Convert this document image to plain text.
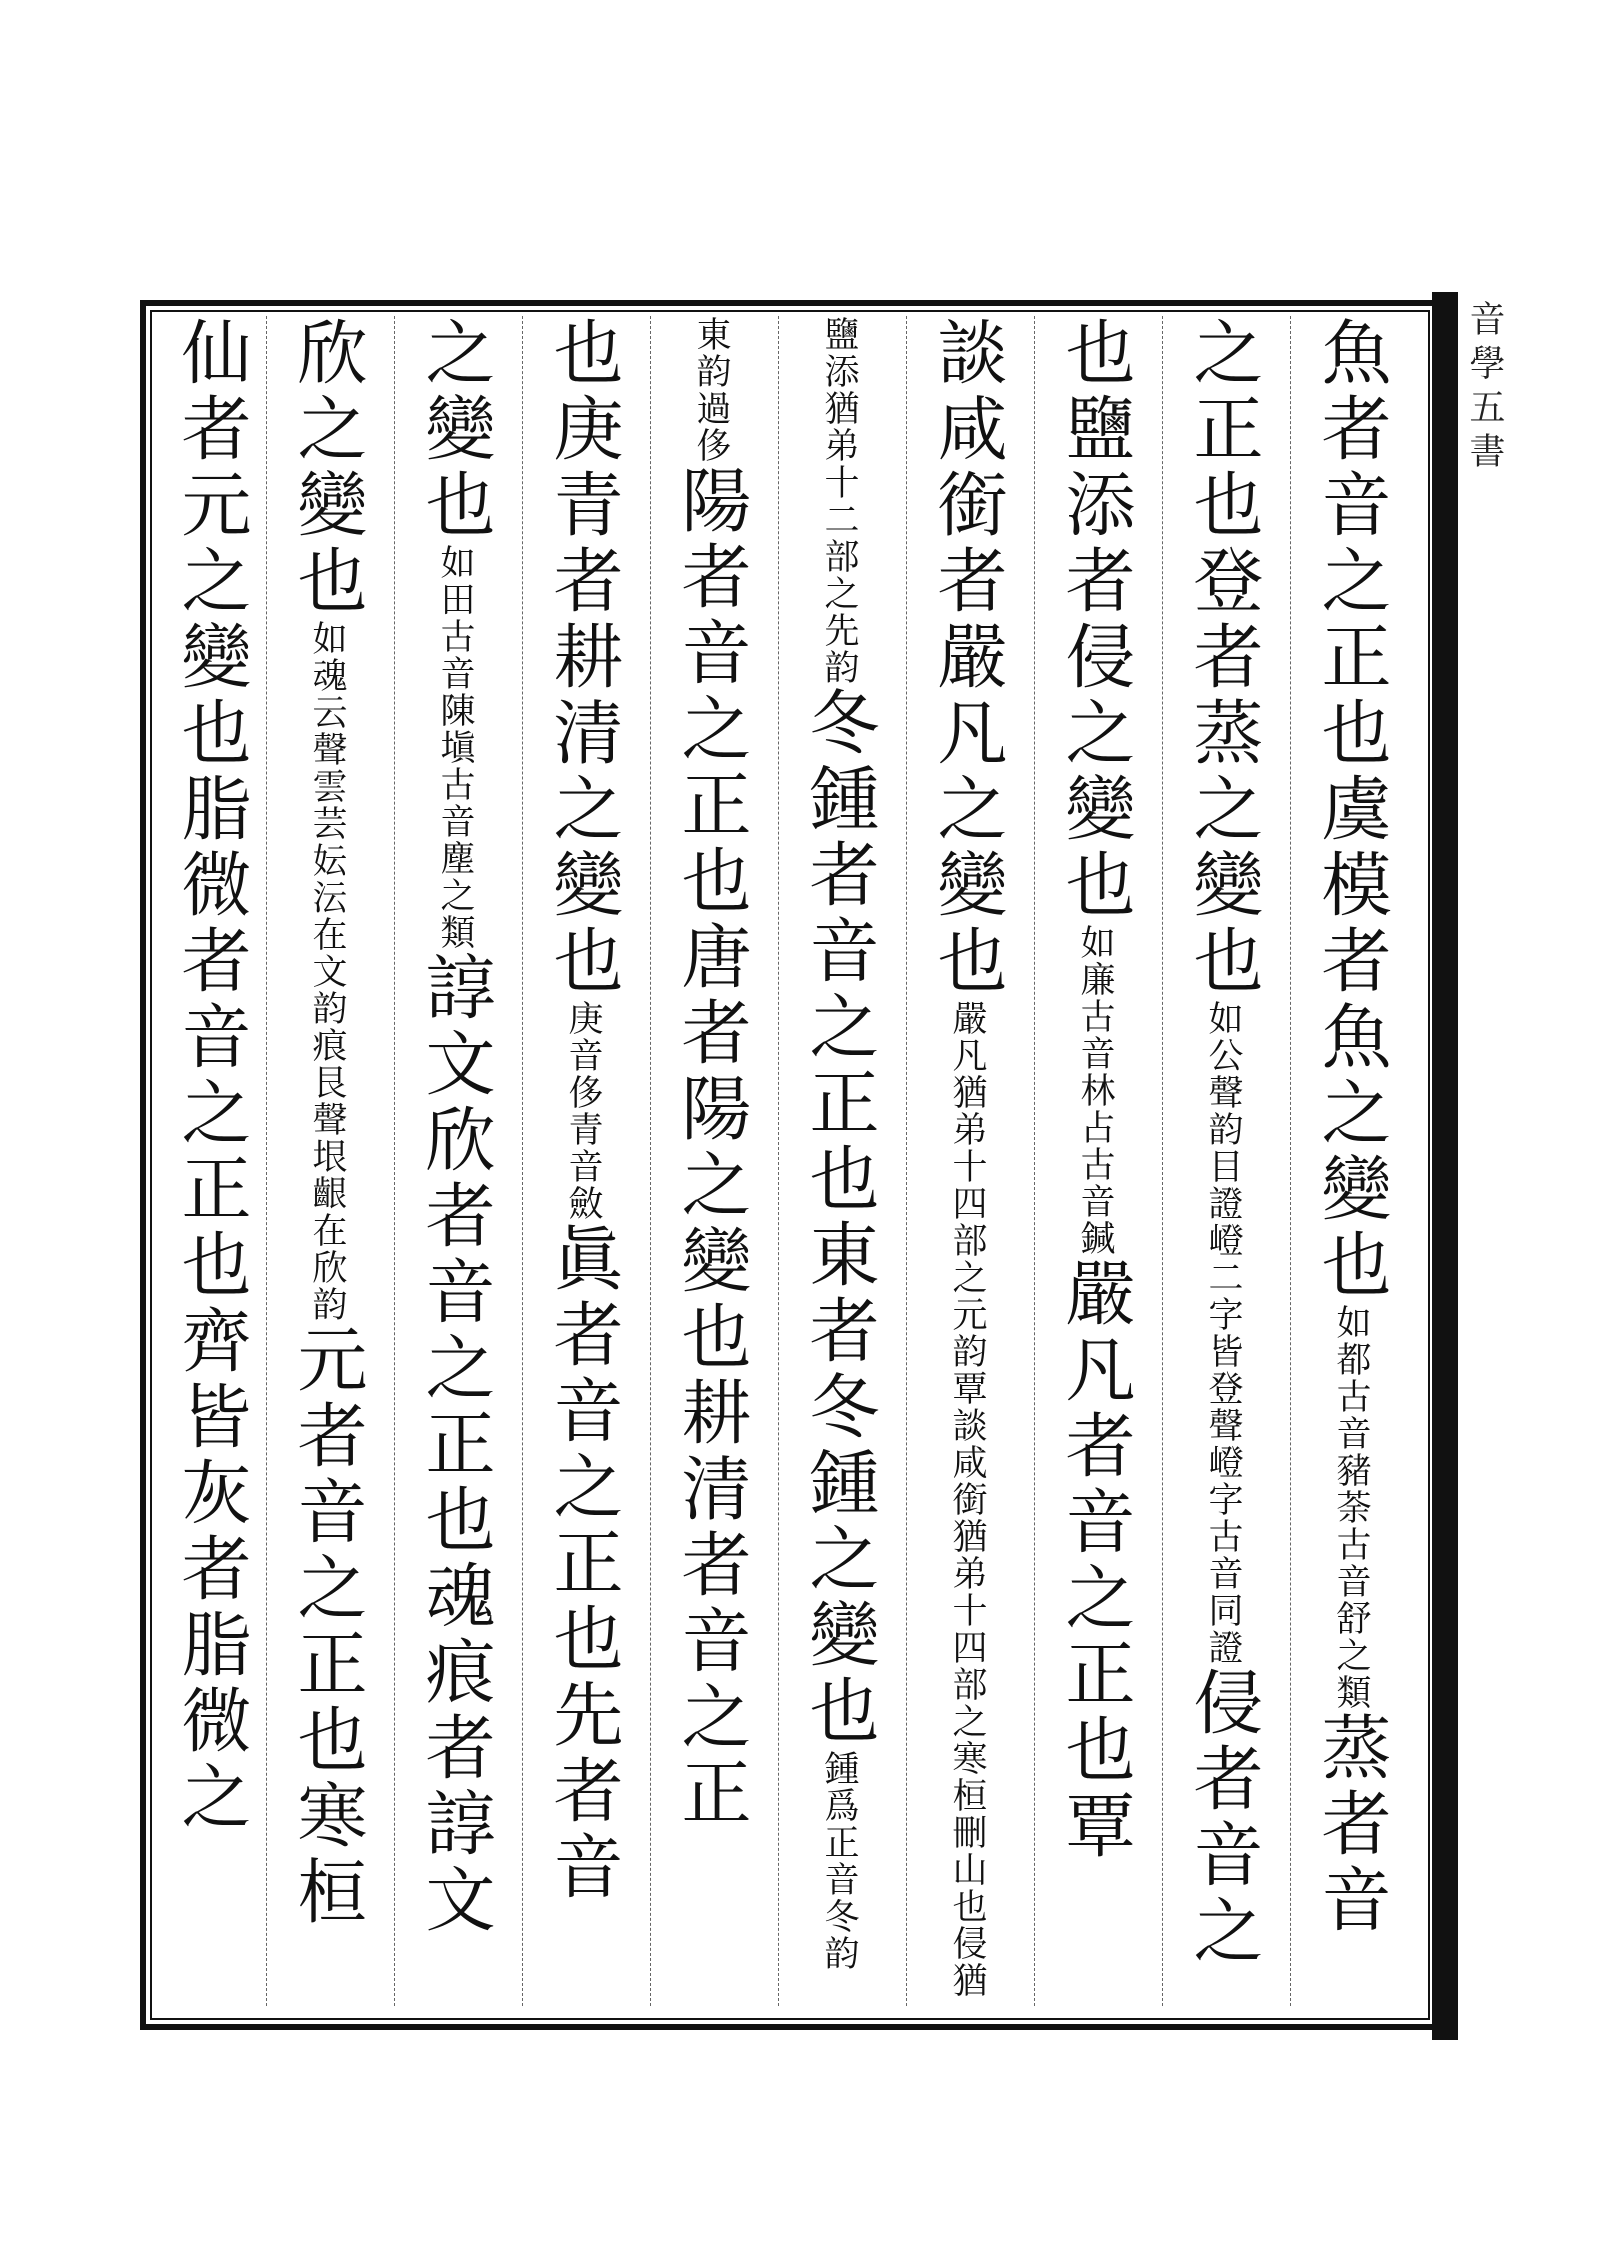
音學五書
魚者音之正也虞模者魚之變也如都古音豬荼古音舒之類蒸者音
之正也登者蒸之變也如公聲韵目證嶝二字皆登聲嶝字古音同證侵者音之
也鹽添者侵之變也如廉古音林占古音鍼嚴凡者音之正也覃
談咸銜者嚴凡之變也嚴凡猶弟十四部之元韵覃談咸銜猶弟十四部之寒桓刪山也侵猶
鹽添猶弟十二部之先韵冬鍾者音之正也東者冬鍾之變也鍾爲正音冬韵
東韵過侈陽者音之正也唐者陽之變也耕清者音之正
也庚青者耕清之變也庚音侈青音斂眞者音之正也先者音
之變也如田古音陳塡古音塵之類諄文欣者音之正也魂痕者諄文
欣之變也如魂云聲雲芸妘沄在文韵痕艮聲垠齦在欣韵元者音之正也寒桓
仙者元之變也脂微者音之正也齊皆灰者脂微之
